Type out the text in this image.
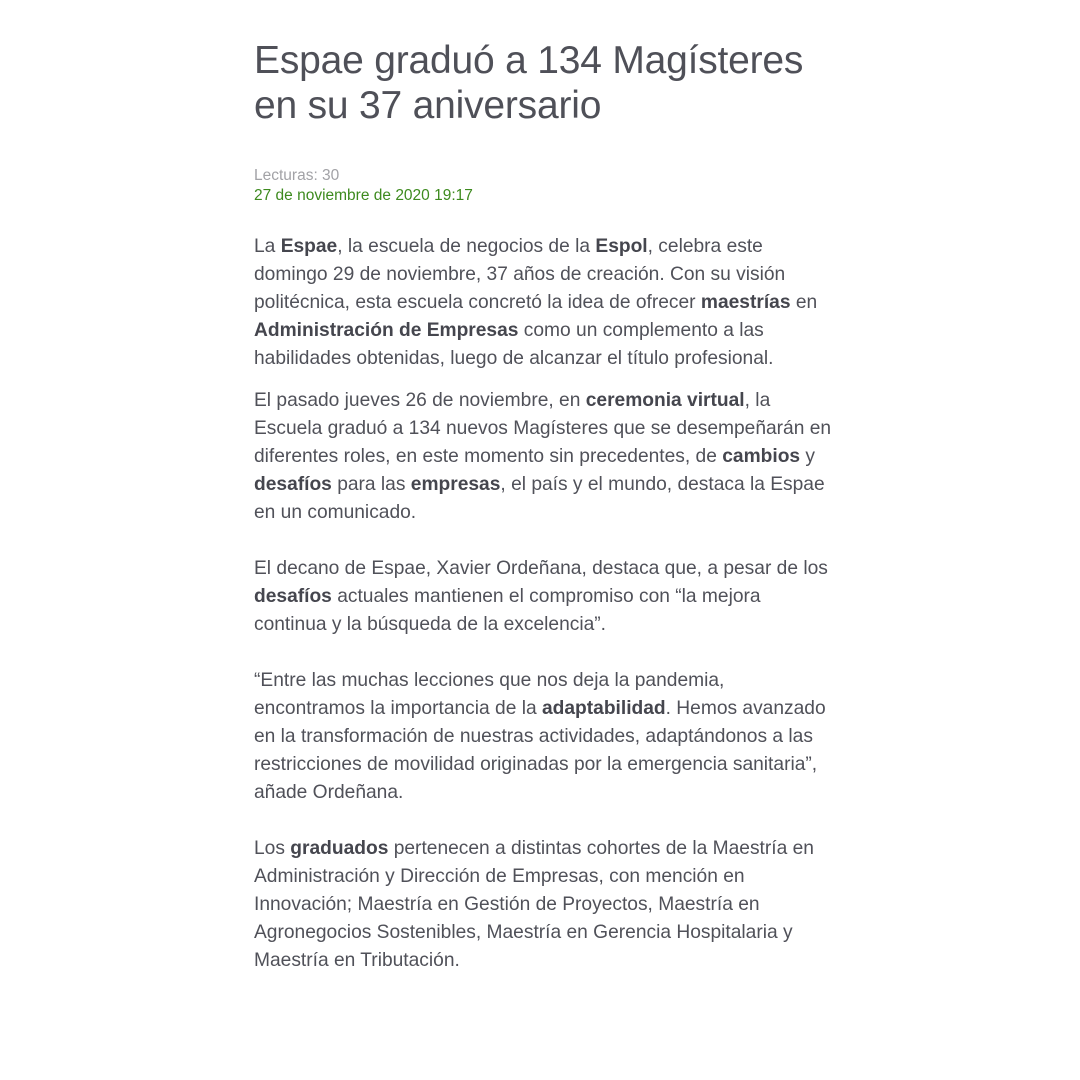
Espae graduó a 134 Magísteres en su 37 aniversario
Lecturas: 30
27 de noviembre de 2020 19:17

La Espae, la escuela de negocios de la Espol, celebra este domingo 29 de noviembre, 37 años de creación. Con su visión politécnica, esta escuela concretó la idea de ofrecer maestrías en Administración de Empresas como un complemento a las habilidades obtenidas, luego de alcanzar el título profesional.

El pasado jueves 26 de noviembre, en ceremonia virtual, la Escuela graduó a 134 nuevos Magísteres que se desempeñarán en diferentes roles, en este momento sin precedentes, de cambios y desafíos para las empresas, el país y el mundo, destaca la Espae en un comunicado.

El decano de Espae, Xavier Ordeñana, destaca que, a pesar de los desafíos actuales mantienen el compromiso con “la mejora continua y la búsqueda de la excelencia”.

“Entre las muchas lecciones que nos deja la pandemia, encontramos la importancia de la adaptabilidad. Hemos avanzado en la transformación de nuestras actividades, adaptándonos a las restricciones de movilidad originadas por la emergencia sanitaria”, añade Ordeñana.

Los graduados pertenecen a distintas cohortes de la Maestría en Administración y Dirección de Empresas, con mención en Innovación; Maestría en Gestión de Proyectos, Maestría en Agronegocios Sostenibles, Maestría en Gerencia Hospitalaria y Maestría en Tributación.
